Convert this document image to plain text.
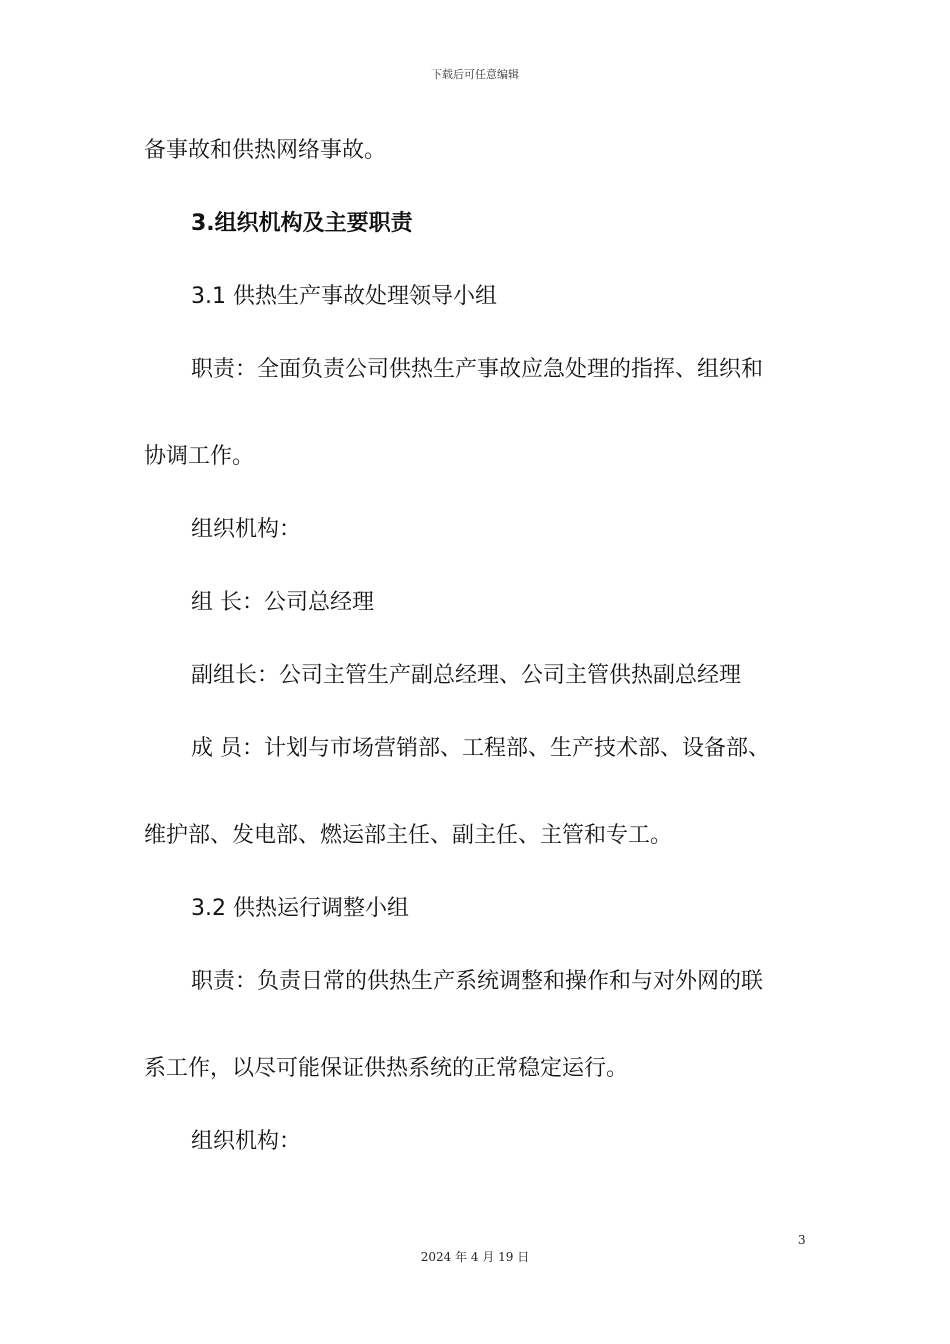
下载后可任意编辑
备事故和供热网络事故。
3.组织机构及主要职责
3.1 供热生产事故处理领导小组
职责：全面负责公司供热生产事故应急处理的指挥、组织和
协调工作。
组织机构：
组 长：公司总经理
副组长：公司主管生产副总经理、公司主管供热副总经理
成 员：计划与市场营销部、工程部、生产技术部、设备部、
维护部、发电部、燃运部主任、副主任、主管和专工。
3.2 供热运行调整小组
职责：负责日常的供热生产系统调整和操作和与对外网的联
系工作，以尽可能保证供热系统的正常稳定运行。
组织机构：
3
2024 年 4 月 19 日
